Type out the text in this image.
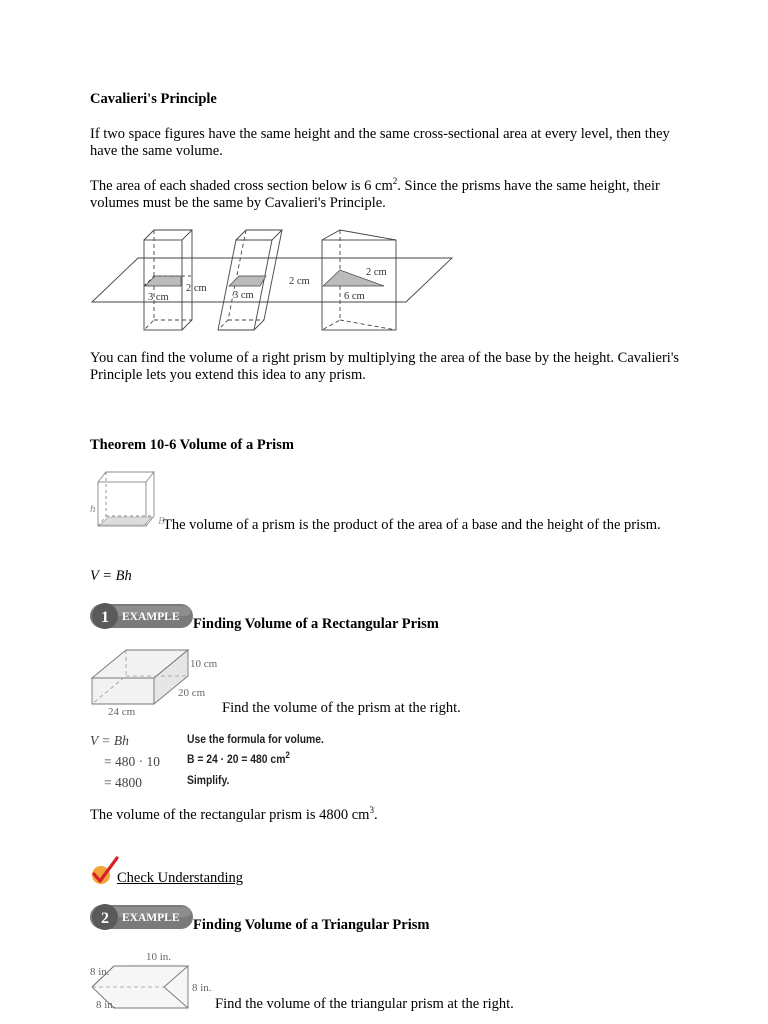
Cavalieri's Principle

If two space figures have the same height and the same cross-sectional area at every level, then they have the same volume.

The area of each shaded cross section below is 6 $cm^2$. Since the prisms have the same height, their volumes must be the same by Cavalieri's Principle.

3 cm
2 cm
3 cm
2 cm
2 cm
6 cm

You can find the volume of a right prism by multiplying the area of the base by the height. Cavalieri's Principle lets you extend this idea to any prism.

Theorem 10-6 Volume of a Prism

h
B

The volume of a prism is the product of the area of a base and the height of the prism.

V = Bh

1 EXAMPLE Finding Volume of a Rectangular Prism

10 cm
20 cm
24 cm	Find the volume of the prism at the right.

V = Bh
= 480 · 10
= 4800
Use the formula for volume.
B = 24 · 20 = 480 $cm^2$
Simplify.

The volume of the rectangular prism is 4800 $cm^3$.

Check Understanding

2 EXAMPLE Finding Volume of a Triangular Prism

10 in.
8 in.
8 in.
8 in.	Find the volume of the triangular prism at the right.
